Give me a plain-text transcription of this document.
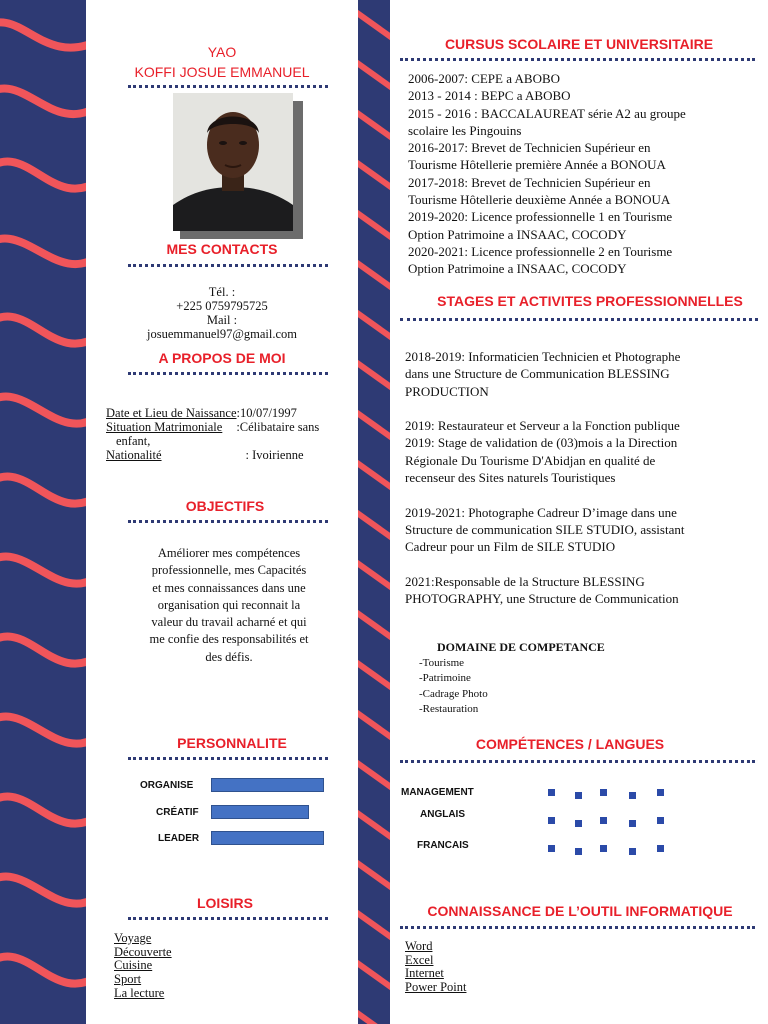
YAO
KOFFI JOSUE EMMANUEL
MES CONTACTS
Tél. :
+225 0759795725
Mail :
josuemmanuel97@gmail.com
A PROPOS DE MOI
Date et Lieu de Naissance:10/07/1997
Situation Matrimoniale :Célibataire sans
enfant,
Nationalité	: Ivoirienne
OBJECTIFS
Améliorer mes compétences
professionnelle, mes Capacités
et mes connaissances dans une
organisation qui reconnait la
valeur du travail acharné et qui
me confie des responsabilités et
des défis.
PERSONNALITE
ORGANISE
CRÉATIF
LEADER
LOISIRS
Voyage
Découverte
Cuisine
Sport
La lecture
CURSUS SCOLAIRE ET UNIVERSITAIRE
2006-2007: CEPE a ABOBO
2013 - 2014 : BEPC a ABOBO
2015 - 2016 : BACCALAUREAT série A2 au groupe
scolaire les Pingouins
2016-2017: Brevet de Technicien Supérieur en
Tourisme Hôtellerie première Année a BONOUA
2017-2018: Brevet de Technicien Supérieur en
Tourisme Hôtellerie deuxième Année a BONOUA
2019-2020: Licence professionnelle 1 en Tourisme
Option Patrimoine a INSAAC, COCODY
2020-2021: Licence professionnelle 2 en Tourisme
Option Patrimoine a INSAAC, COCODY
STAGES ET ACTIVITES PROFESSIONNELLES
2018-2019: Informaticien Technicien et Photographe
dans une Structure de Communication BLESSING
PRODUCTION
2019: Restaurateur et Serveur a la Fonction publique
2019: Stage de validation de (03)mois a la Direction
Régionale Du Tourisme D'Abidjan en qualité de
recenseur des Sites naturels Touristiques
2019-2021: Photographe Cadreur D’image dans une
Structure de communication SILE STUDIO, assistant
Cadreur pour un Film de SILE STUDIO
2021:Responsable de la Structure BLESSING
PHOTOGRAPHY, une Structure de Communication
DOMAINE DE COMPETANCE
-Tourisme
-Patrimoine
-Cadrage Photo
-Restauration
COMPÉTENCES / LANGUES
MANAGEMENT
ANGLAIS
FRANCAIS
CONNAISSANCE DE L’OUTIL INFORMATIQUE
Word
Excel
Internet
Power Point
